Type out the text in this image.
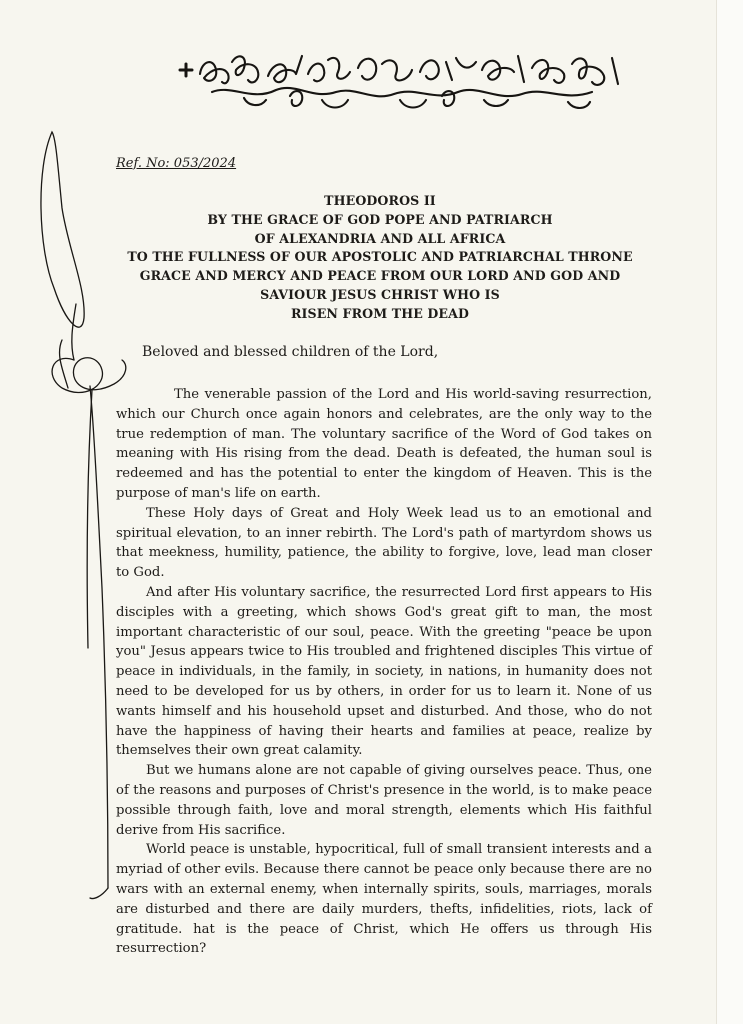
Ref. No: 053/2024
THEODOROS II
BY THE GRACE OF GOD POPE AND PATRIARCH
OF ALEXANDRIA AND ALL AFRICA
TO THE FULLNESS OF OUR APOSTOLIC AND PATRIARCHAL THRONE
GRACE AND MERCY AND PEACE FROM OUR LORD AND GOD AND
SAVIOUR JESUS CHRIST WHO IS
RISEN FROM THE DEAD
Beloved and blessed children of the Lord,

The venerable passion of the Lord and His world-saving resurrection, which our Church once again honors and celebrates, are the only way to the true redemption of man. The voluntary sacrifice of the Word of God takes on meaning with His rising from the dead. Death is defeated, the human soul is redeemed and has the potential to enter the kingdom of Heaven. This is the purpose of man's life on earth.

These Holy days of Great and Holy Week lead us to an emotional and spiritual elevation, to an inner rebirth. The Lord's path of martyrdom shows us that meekness, humility, patience, the ability to forgive, love, lead man closer to God.

And after His voluntary sacrifice, the resurrected Lord first appears to His disciples with a greeting, which shows God's great gift to man, the most important characteristic of our soul, peace. With the greeting "peace be upon you" Jesus appears twice to His troubled and frightened disciples This virtue of peace in individuals, in the family, in society, in nations, in humanity does not need to be developed for us by others, in order for us to learn it. None of us wants himself and his household upset and disturbed. And those, who do not have the happiness of having their hearts and families at peace, realize by themselves their own great calamity.

But we humans alone are not capable of giving ourselves peace. Thus, one of the reasons and purposes of Christ's presence in the world, is to make peace possible through faith, love and moral strength, elements which His faithful derive from His sacrifice.

World peace is unstable, hypocritical, full of small transient interests and a myriad of other evils. Because there cannot be peace only because there are no wars with an external enemy, when internally spirits, souls, marriages, morals are disturbed and there are daily murders, thefts, infidelities, riots, lack of gratitude. hat is the peace of Christ, which He offers us through His resurrection?
